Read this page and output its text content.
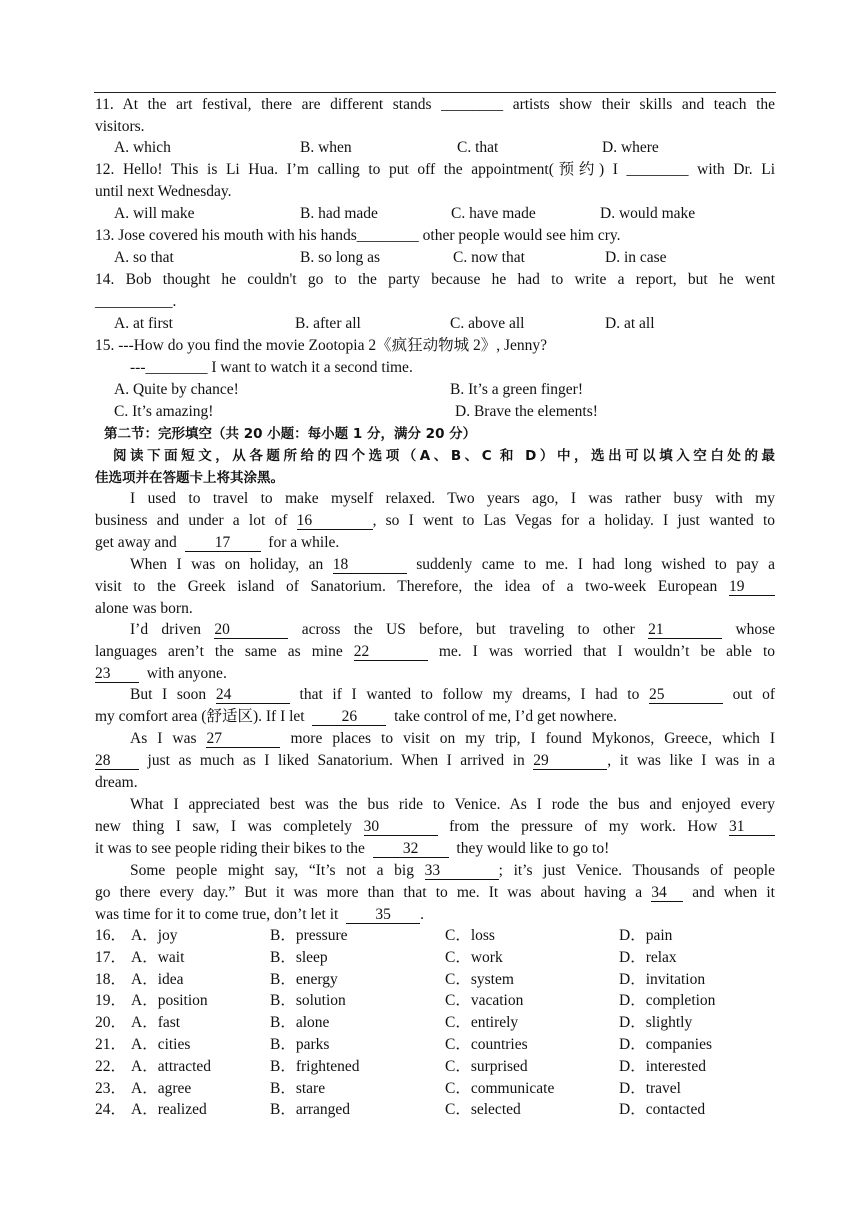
11. At the art festival, there are different stands ________ artists show their skills and teach the
visitors.
A. which	B. when	C. that	D. where
12. Hello! This is Li Hua. I’m calling to put off the appointment(预约) I ________ with Dr. Li
until next Wednesday.
A. will make	B. had made	C. have made	D. would make
13. Jose covered his mouth with his hands________ other people would see him cry.
A. so that	B. so long as	C. now that	D. in case
14. Bob thought he couldn't go to the party because he had to write a report, but he went
__________.
A. at first	B. after all	C. above all	D. at all
15. ---How do you find the movie Zootopia 2《疯狂动物城 2》, Jenny?
---________ I want to watch it a second time.
A. Quite by chance!	B. It’s a green finger!
C. It’s amazing!	D. Brave the elements!
第二节：完形填空（共 20 小题：每小题 1 分，满分 20 分）
阅读下面短文，从各题所给的四个选项（A、B、C 和 D）中，选出可以填入空白处的最
佳选项并在答题卡上将其涂黑。
I used to travel to make myself relaxed. Two years ago, I was rather busy with my
business and under a lot of 16	, so I went to Las Vegas for a holiday. I just wanted to
get away and 17 for a while.
When I was on holiday, an 18	suddenly came to me. I had long wished to pay a
visit to the Greek island of Sanatorium. Therefore, the idea of a two-week European 19
alone was born.
I’d driven 20	across the US before, but traveling to other 21	whose
languages aren’t the same as mine 22	me. I was worried that I wouldn’t be able to
23 with anyone.
But I soon 24	that if I wanted to follow my dreams, I had to 25	out of
my comfort area (舒适区). If I let 26 take control of me, I’d get nowhere.
As I was 27	more places to visit on my trip, I found Mykonos, Greece, which I
28 just as much as I liked Sanatorium. When I arrived in 29	, it was like I was in a
dream.
What I appreciated best was the bus ride to Venice. As I rode the bus and enjoyed every
new thing I saw, I was completely 30	from the pressure of my work. How 31
it was to see people riding their bikes to the 32 they would like to go to!
Some people might say, “It’s not a big 33	; it’s just Venice. Thousands of people
go there every day.” But it was more than that to me. It was about having a 34 and when it
was time for it to come true, don’t let it 35 .
16． A．joy	B．pressure	C．loss	D．pain
17． A．wait	B．sleep	C．work	D．relax
18． A．idea	B．energy	C．system	D．invitation
19． A．position	B．solution	C．vacation	D．completion
20． A．fast	B．alone	C．entirely	D．slightly
21． A．cities	B．parks	C．countries	D．companies
22． A．attracted	B．frightened	C．surprised	D．interested
23． A．agree	B．stare	C．communicate	D．travel
24． A．realized	B．arranged	C．selected	D．contacted
